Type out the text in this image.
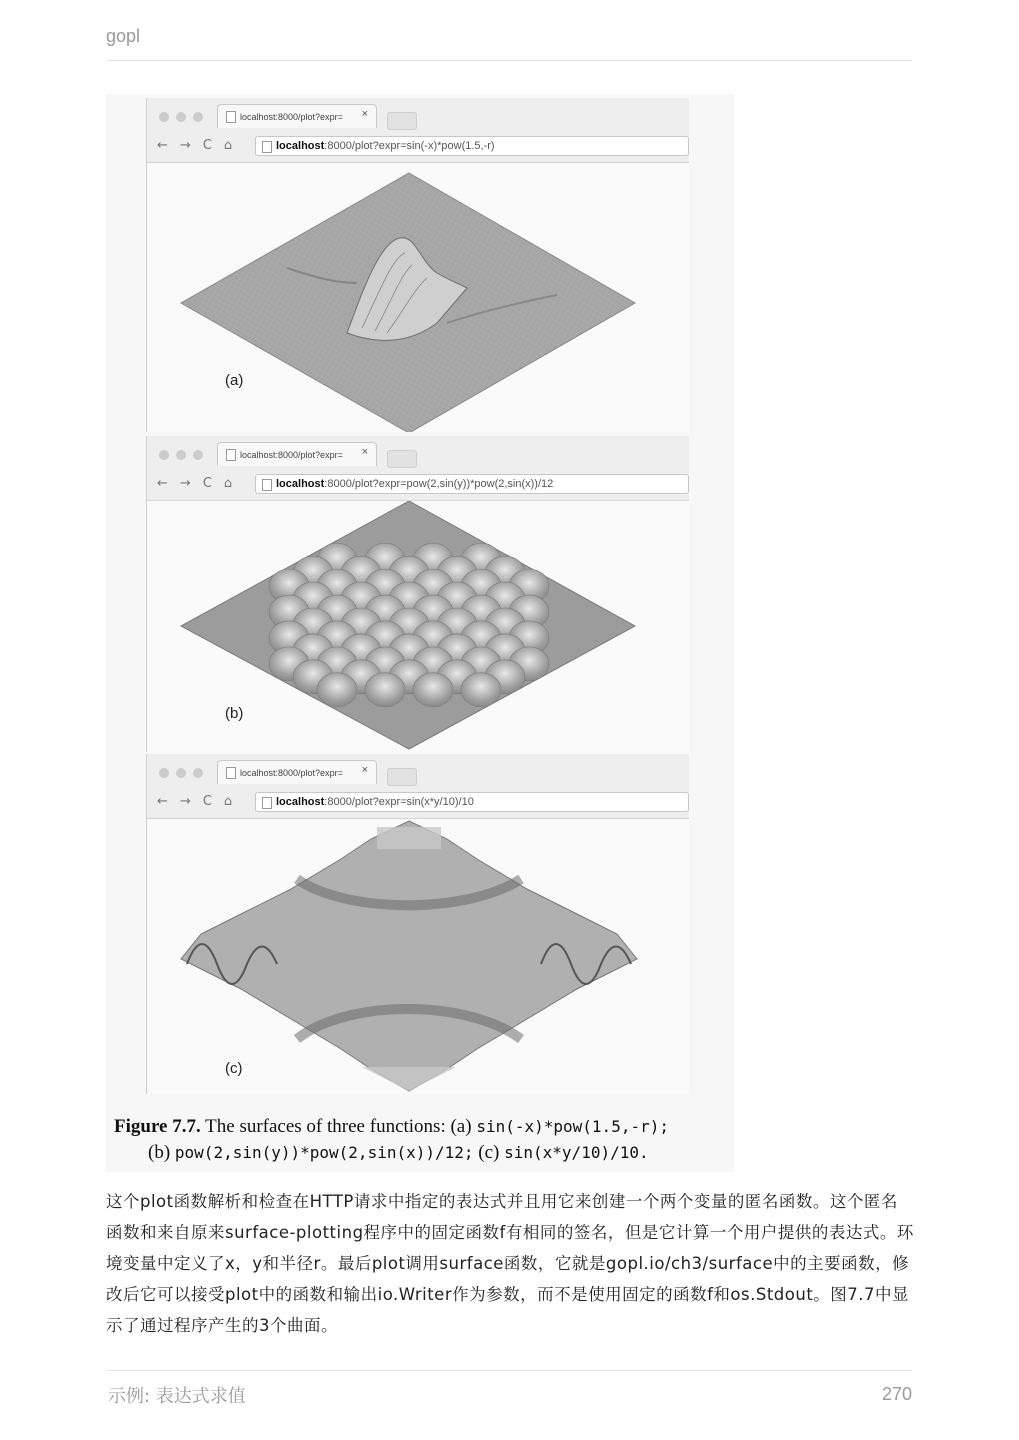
gopl
localhost:8000/plot?expr= ×
← → C ⌂	localhost :8000/plot?expr=sin(-x)*pow(1.5,-r)
(a)
localhost:8000/plot?expr= ×
← → C ⌂	localhost :8000/plot?expr=pow(2,sin(y))*pow(2,sin(x))/12
(b)
localhost:8000/plot?expr= ×
← → C ⌂	localhost :8000/plot?expr=sin(x*y/10)/10
(c)
Figure 7.7. The surfaces of three functions: (a) sin(-x)*pow(1.5,-r);
(b) pow(2,sin(y))*pow(2,sin(x))/12; (c) sin(x*y/10)/10.
这个plot函数解析和检查在HTTP请求中指定的表达式并且用它来创建一个两个变量的匿名函数。这个匿名函数和来自原来surface-plotting程序中的固定函数f有相同的签名，但是它计算一个用户提供的表达式。环境变量中定义了x，y和半径r。最后plot调用surface函数，它就是gopl.io/ch3/surface中的主要函数，修改后它可以接受plot中的函数和输出io.Writer作为参数，而不是使用固定的函数f和os.Stdout。图7.7中显示了通过程序产生的3个曲面。
示例: 表达式求值	270
